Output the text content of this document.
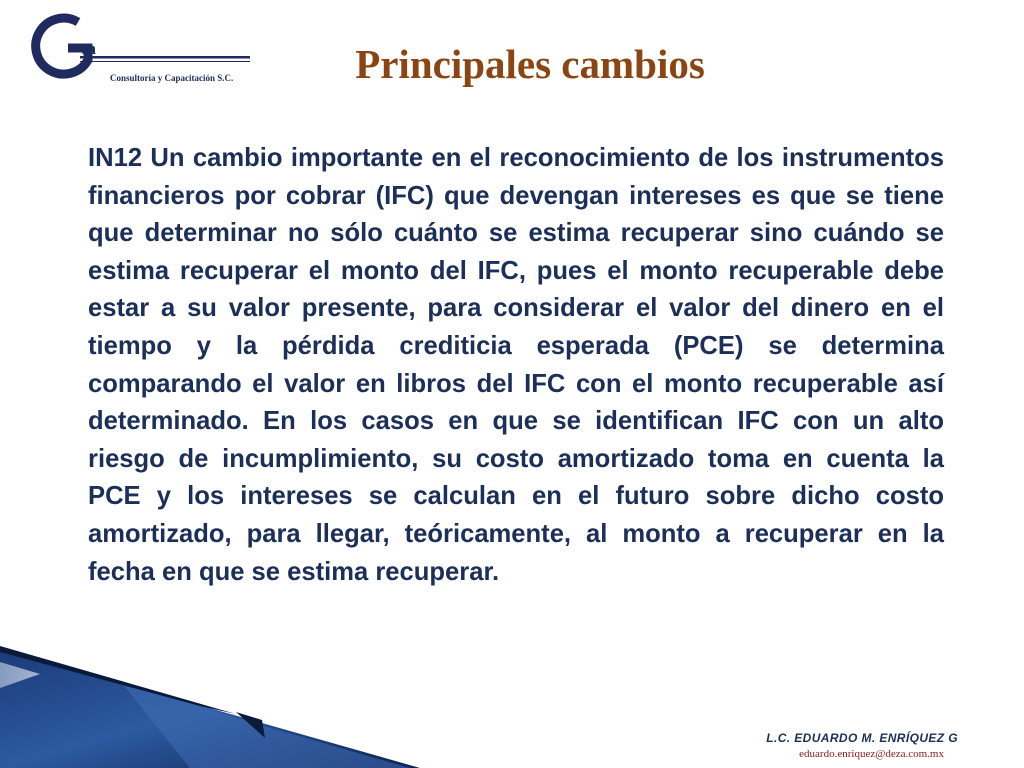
va
Consultoría y Capacitación S.C.	Principales cambios

IN12 Un cambio importante en el reconocimiento de los instrumentos financieros por cobrar (IFC) que devengan intereses es que se tiene que determinar no sólo cuánto se estima recuperar sino cuándo se estima recuperar el monto del IFC, pues el monto recuperable debe estar a su valor presente, para considerar el valor del dinero en el tiempo y la pérdida crediticia esperada (PCE) se determina comparando el valor en libros del IFC con el monto recuperable así determinado. En los casos en que se identifican IFC con un alto riesgo de incumplimiento, su costo amortizado toma en cuenta la PCE y los intereses se calculan en el futuro sobre dicho costo amortizado, para llegar, teóricamente, al monto a recuperar en la fecha en que se estima recuperar.

L.C. EDUARDO M. ENRÍQUEZ G
eduardo.enriquez@deza.com.mx
